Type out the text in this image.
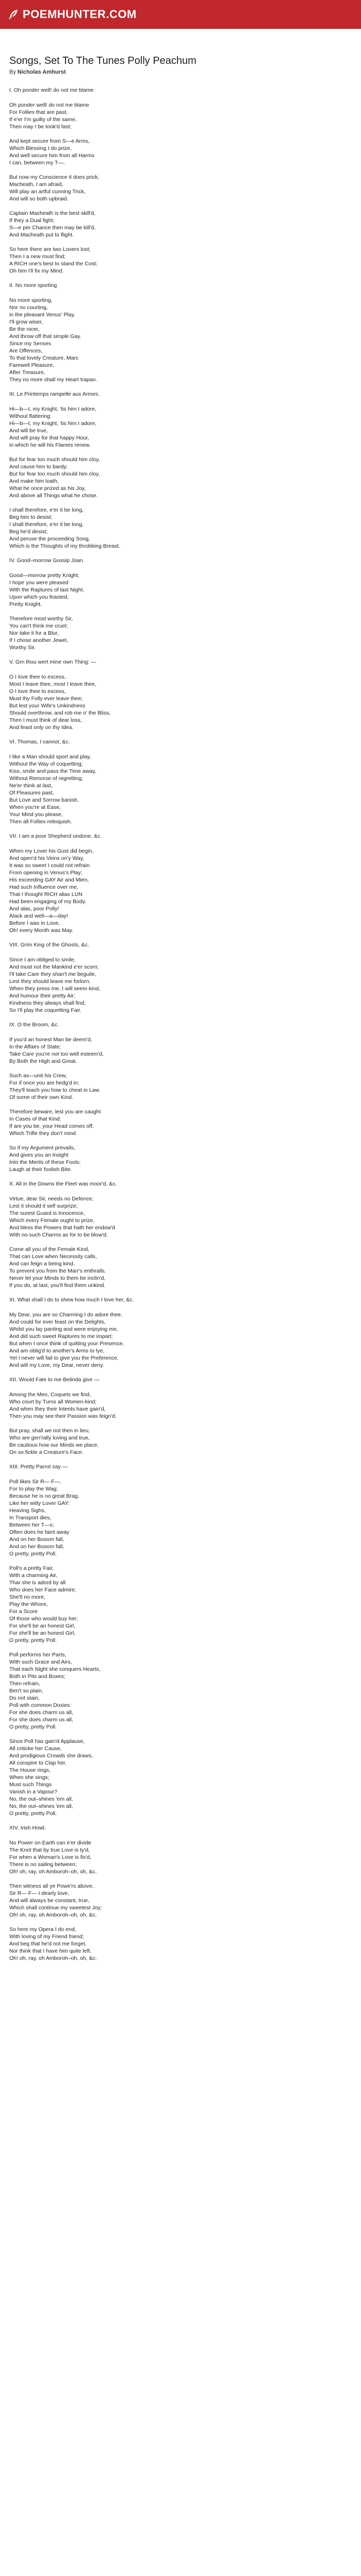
POEMHUNTER.COM
Songs, Set To The Tunes Polly Peachum
By Nicholas Amhurst
I. Oh ponder well! do not me blame
Oh ponder well! do not me blame
For Follies that are past,
If e'er I'm guilty of the same,
Then may I be took'd fast;
And kept secure from S—e Arms,
Which Blessing I do prize,
And well secure him from all Harms
I can, between my T—.
But now my Conscience it does prick,
Macheath, I am afraid,
Will play an artful cunning Trick,
And will so both upbraid.
Captain Macheath is the best skill'd,
If they a Dual fight;
S—e per Chance then may be kill'd,
And Macheath put to flight.
So here there are two Lovers lost;
Then I a new must find;
A RICH one's best to stand the Cost;
Oh him I'll fix my Mind.
II. No more sporting
No more sporting,
Nor no courting,
in the pleasant Venus' Play.
I'll grow wiser,
Be the nicer,
And throw off that simple Gay.
Since my Senses
Are Offences,
To that lovely Creature, Marc
Farewell Pleasure,
After Treasure,
They no more shall my Heart trapan.
III. Le Printemps rampelle aux Armes.
Hi—b—t, my Knight, 'tis him I adore,
Without flattering:
Hi—b—t, my Knight, 'tis him I adore,
And will be true,
And will pray for that happy Hour,
in which he will his Flames renew.
But for fear too much should him cloy,
And cause him to bardy;
But for fear too much should him cloy,
And make him loath,
What he once prized as his Joy,
And above all Things what he chose.
I shall therefore, e'er it be long,
Beg him to desist;
I shall therefore, e'er it be long,
Beg he'd desist;
And peruse the proceeding Song,
Which is the Thoughts of my throbbing Breast.
IV. Good–morrow Gossip Joan.
Good—morrow pretty Knight,
I hope you were pleased
With the Raptures of last Night,
Upon which you feasted,
Pretty Knight.
Therefore most worthy Sir,
You can't think me cruel;
Nor take it for a Blur,
If I chose another Jewel,
Worthy Sir.
V. Grn thou wert mine own Thing: —
O I love thee to excess,
Most I leave thee, most I leave thee,
O I love thee to excess,
Must thy Folly ever leave thee;
But lest your Wife's Unkindness
Should overthrow, and rob me o' the Bliss,
Then I must think of dear loss,
And feast only on thy Idea.
VI. Thomas, I cannot, &c.
I like a Man should sport and play,
Without the Way of coquetting;
Kiss, smile and pass the Time away,
Without Remorse of regretting;
Ne'er think at last,
Of Pleasures past,
But Love and Sorrow banish.
When you're at Ease,
Your Mind you please,
Then all Follies relinquish.
VII. I am a poor Shepherd undone, &c.
When my Lover his Gust did begin,
And open'd his Veins on'y Way,
It was so sweet I could not refrain
From opening in Venus's Play;
His exceeding GAY Air and Mien,
Had such Influence over me,
That I thought RICH alias LUN
Had been engaging of my Body.
And alas, poor Polly!
Alack and well—a—day!
Before I was in Love,
Oh! every Month was May.
VIII. Grim King of the Ghosts, &c.
Since I am obliged to smile,
And must not the Mankind e'er scorn;
I'll take Care they shan't me beguile,
Lest they should leave me forlorn.
When they press me, I will seem kind,
And humour their pretty Air;
Kindness they always shall find,
So I'll play the coquetting Fair.
IX. O the Broom, &c.
If you'd an honest Man be deem'd,
In the Affairs of State;
Take Care you're not too well esteem'd,
By Both the High and Great.
Such as—unit his Crew,
For if once you are hedg'd in;
They'll teach you how to cheat in Law.
Of some of their own Kind.
Therefore beware, lest you are caught
In Cases of that Kind:
If are you be, your Head comes off,
Which Trifle they don't mind.
So if my Argument prevails,
And gives you an Insight
Into the Merits of these Fools;
Laugh at their foolish Bite.
X. All in the Downs the Fleet was moor'd, &c.
Virtue, dear Sir, needs no Defence,
Lest it should it self surprize;
The surest Guard is Innocence,
Which every Female ought to prize,
And bless the Powers that hath her endow'd
With no such Charms as for to be blow'd.
Come all you of the Female Kind,
That can Love when Necessity calls,
And can feign a being kind,
To prevent you from the Marr's enthralls.
Never let your Minds to them be inclin'd,
If you do, at last, you'll find them unkind.
XI. What shall I do to shew how much I love her, &c.
My Dear, you are so Charming I do adore thee,
And could for ever feast on the Delights,
Whilst you lay panting and were enjoying me,
And did such sweet Raptures to me impart;
But when I once think of quitting your Presence,
And am oblig'd to another's Arms to lye,
Yet I never will fail to give you the Preference,
And will my Love, my Dear, never deny.
XII. Would Fate to me Belinda give —
Among the Men, Coquets we find,
Who court by Turns all Women-kind;
And when they their Intents have gain'd,
Then you may see their Passion was feign'd.
But pray, shall we not then in lieu,
Who are gen'rally loving and true,
Be cautious how our Minds we place,
On so fickle a Creature's Face.
XIII. Pretty Parrot say —
Poll likes Sir R— F—,
For to play the Wag;
Because he is no great Brag,
Like her witty Lover GAY:
Heaving Sighs,
In Transport dies,
Between her T—s;
Often does he faint away
And on her Bosom fall,
And on her Bosom fall,
O pretty, pretty Poll.
Poll's a pretty Fair,
With a charming Air,
Thar she is adord by all
Who does her Face admire;
She'll no more,
Play the Whore,
For a Score
Of those who would buy her;
For she'll be an honest Girl,
For she'll be an honest Girl,
O pretty, pretty Poll.
Poll performs her Parts,
With such Grace and Airs,
That each Night she conquers Hearts,
Both in Pits and Boxes;
Then refrain,
Ben't so plain,
Do not stain,
Poll with common Doxies:
For she does charm us all,
For she does charm us all,
O pretty, pretty Poll.
Since Poll has gain'd Applause,
All criticke her Cause,
And prodigious Crowds she draws,
All conspire to Clap her.
The House rings,
When she sings;
Must such Things
Vanish in a Vapour?
No, the out–shines 'em all,
No, the out–shines 'em all,
O pretty, pretty Poll.
XIV. Irish Howl.
No Power on Earth can e'er divide
The Knot that by true Love is ty'd,
For when a Woman's Love is fix'd,
There is no sailing between;
Oh! oh, ray, oh Amboroh–oh, oh, &c.
Then witness all ye Powe'rs above,
Sir R— F— I dearly love,
And will always be constant, true,
Which shall continue my sweetest Joy;
Oh! oh, ray, oh Amboroh–oh, oh, &c.
So here my Opera I do end,
With loving of my Friend friend;
And beg that he'd not me forget,
Nor think that I have him quite left.
Oh! oh, ray, oh Amboroh–oh, oh, &c.
